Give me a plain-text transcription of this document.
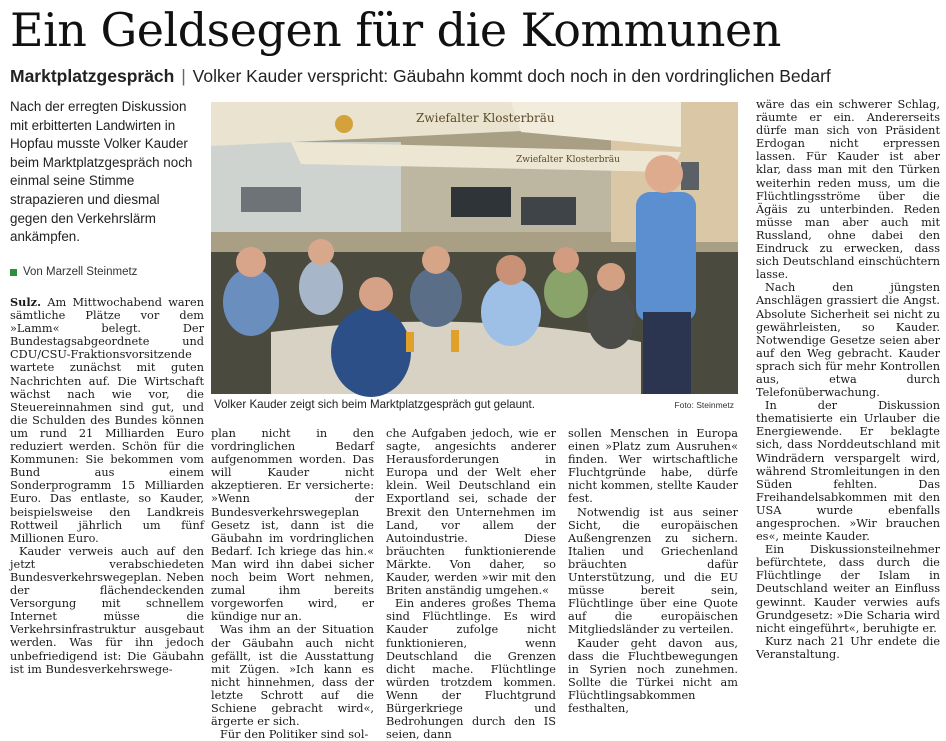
Ein Geldsegen für die Kommunen
Marktplatzgespräch | Volker Kauder verspricht: Gäubahn kommt doch noch in den vordringlichen Bedarf

Nach der erregten Diskussion mit erbitterten Landwirten in Hopfau musste Volker Kauder beim Marktplatzgespräch noch einmal seine Stimme strapazieren und diesmal gegen den Verkehrslärm ankämpfen.

Von Marzell Steinmetz
Zwiefalter Klosterbräu
Zwiefalter Klosterbräu
Volker Kauder zeigt sich beim Marktplatzgespräch gut gelaunt.	Foto: Steinmetz

Sulz. Am Mittwochabend waren sämtliche Plätze vor dem »Lamm« belegt. Der Bundestagsabgeordnete und CDU/CSU-Fraktionsvorsitzende wartete zunächst mit guten Nachrichten auf. Die Wirtschaft wächst nach wie vor, die Steuereinnahmen sind gut, und die Schulden des Bundes können um rund 21 Milliarden Euro reduziert werden. Schön für die Kommunen: Sie bekommen vom Bund aus einem Sonderprogramm 15 Milliarden Euro. Das entlaste, so Kauder, beispielsweise den Landkreis Rottweil jährlich um fünf Millionen Euro.

Kauder verweis auch auf den jetzt verabschiedeten Bundesverkehrswegeplan. Neben der flächendeckenden Versorgung mit schnellem Internet müsse die Verkehrsinfrastruktur ausgebaut werden. Was für ihn jedoch unbefriedigend ist: Die Gäubahn ist im Bundesverkehrswege-

plan nicht in den vordringlichen Bedarf aufgenommen worden. Das will Kauder nicht akzeptieren. Er versicherte: »Wenn der Bundesverkehrswegeplan Gesetz ist, dann ist die Gäubahn im vordringlichen Bedarf. Ich kriege das hin.« Man wird ihn dabei sicher noch beim Wort nehmen, zumal ihm bereits vorgeworfen wird, er kündige nur an.

Was ihm an der Situation der Gäubahn auch nicht gefällt, ist die Ausstattung mit Zügen. »Ich kann es nicht hinnehmen, dass der letzte Schrott auf die Schiene gebracht wird«, ärgerte er sich.

Für den Politiker sind sol-

che Aufgaben jedoch, wie er sagte, angesichts anderer Herausforderungen in Europa und der Welt eher klein. Weil Deutschland ein Exportland sei, schade der Brexit den Unternehmen im Land, vor allem der Autoindustrie. Diese bräuchten funktionierende Märkte. Von daher, so Kauder, werden »wir mit den Briten anständig umgehen.«

Ein anderes großes Thema sind Flüchtlinge. Es wird Kauder zufolge nicht funktionieren, wenn Deutschland die Grenzen dicht mache. Flüchtlinge würden trotzdem kommen. Wenn der Fluchtgrund Bürgerkriege und Bedrohungen durch den IS seien, dann

sollen Menschen in Europa einen »Platz zum Ausruhen« finden. Wer wirtschaftliche Fluchtgründe habe, dürfe nicht kommen, stellte Kauder fest.

Notwendig ist aus seiner Sicht, die europäischen Außengrenzen zu sichern. Italien und Griechenland bräuchten dafür Unterstützung, und die EU müsse bereit sein, Flüchtlinge über eine Quote auf die europäischen Mitgliedsländer zu verteilen.

Kauder geht davon aus, dass die Fluchtbewegungen in Syrien noch zunehmen. Sollte die Türkei nicht am Flüchtlingsabkommen festhalten,

wäre das ein schwerer Schlag, räumte er ein. Andererseits dürfe man sich von Präsident Erdogan nicht erpressen lassen. Für Kauder ist aber klar, dass man mit den Türken weiterhin reden muss, um die Flüchtlingsströme über die Ägäis zu unterbinden. Reden müsse man aber auch mit Russland, ohne dabei den Eindruck zu erwecken, dass sich Deutschland einschüchtern lasse.

Nach den jüngsten Anschlägen grassiert die Angst. Absolute Sicherheit sei nicht zu gewährleisten, so Kauder. Notwendige Gesetze seien aber auf den Weg gebracht. Kauder sprach sich für mehr Kontrollen aus, etwa durch Telefonüberwachung.

In der Diskussion thematisierte ein Urlauber die Energiewende. Er beklagte sich, dass Norddeutschland mit Windrädern verspargelt wird, während Stromleitungen in den Süden fehlten. Das Freihandelsabkommen mit den USA wurde ebenfalls angesprochen. »Wir brauchen es«, meinte Kauder.

Ein Diskussionsteilnehmer befürchtete, dass durch die Flüchtlinge der Islam in Deutschland weiter an Einfluss gewinnt. Kauder verwies aufs Grundgesetz: »Die Scharia wird nicht eingeführt«, beruhigte er.

Kurz nach 21 Uhr endete die Veranstaltung.
